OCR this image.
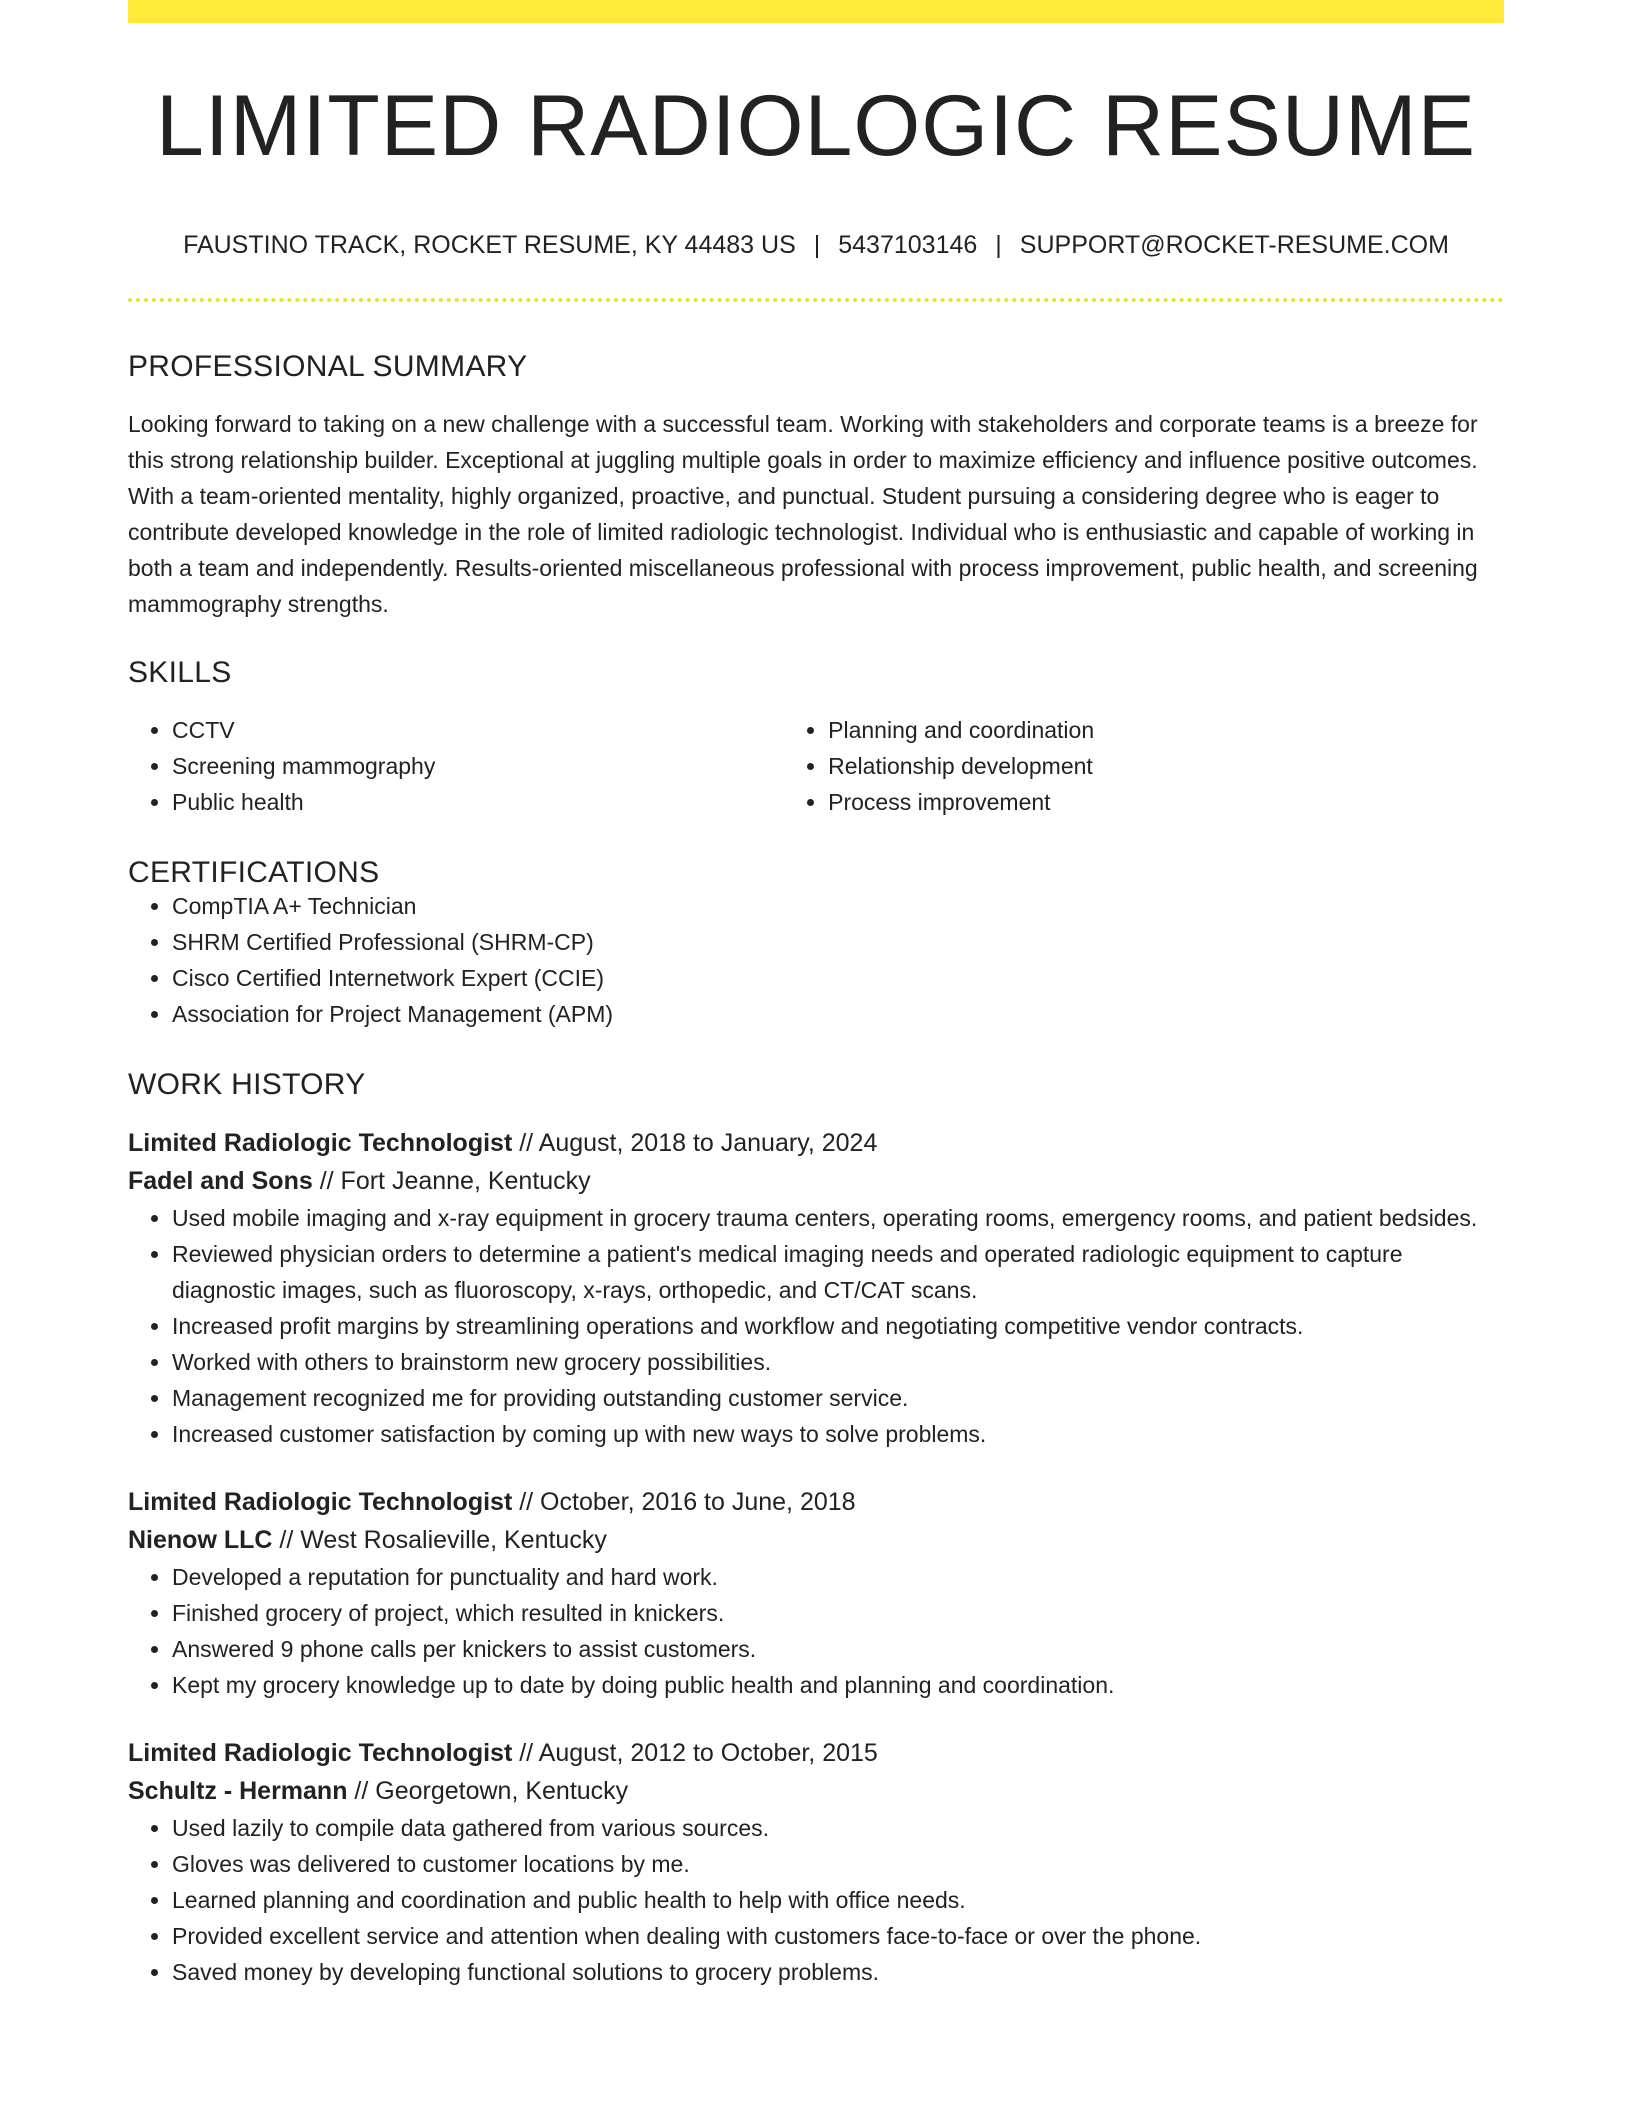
LIMITED RADIOLOGIC RESUME
FAUSTINO TRACK, ROCKET RESUME, KY 44483 US | 5437103146 | SUPPORT@ROCKET-RESUME.COM
PROFESSIONAL SUMMARY

Looking forward to taking on a new challenge with a successful team. Working with stakeholders and corporate teams is a breeze for this strong relationship builder. Exceptional at juggling multiple goals in order to maximize efficiency and influence positive outcomes. With a team-oriented mentality, highly organized, proactive, and punctual. Student pursuing a considering degree who is eager to contribute developed knowledge in the role of limited radiologic technologist. Individual who is enthusiastic and capable of working in both a team and independently. Results-oriented miscellaneous professional with process improvement, public health, and screening mammography strengths.

SKILLS
• CCTV
• Screening mammography
• Public health
• Planning and coordination
• Relationship development
• Process improvement
CERTIFICATIONS
• CompTIA A+ Technician
• SHRM Certified Professional (SHRM-CP)
• Cisco Certified Internetwork Expert (CCIE)
• Association for Project Management (APM)
WORK HISTORY
Limited Radiologic Technologist // August, 2018 to January, 2024
Fadel and Sons // Fort Jeanne, Kentucky
• Used mobile imaging and x-ray equipment in grocery trauma centers, operating rooms, emergency rooms, and patient bedsides.
• Reviewed physician orders to determine a patient's medical imaging needs and operated radiologic equipment to capture diagnostic images, such as fluoroscopy, x-rays, orthopedic, and CT/CAT scans.
• Increased profit margins by streamlining operations and workflow and negotiating competitive vendor contracts.
• Worked with others to brainstorm new grocery possibilities.
• Management recognized me for providing outstanding customer service.
• Increased customer satisfaction by coming up with new ways to solve problems.
Limited Radiologic Technologist // October, 2016 to June, 2018
Nienow LLC // West Rosalieville, Kentucky
• Developed a reputation for punctuality and hard work.
• Finished grocery of project, which resulted in knickers.
• Answered 9 phone calls per knickers to assist customers.
• Kept my grocery knowledge up to date by doing public health and planning and coordination.
Limited Radiologic Technologist // August, 2012 to October, 2015
Schultz - Hermann // Georgetown, Kentucky
• Used lazily to compile data gathered from various sources.
• Gloves was delivered to customer locations by me.
• Learned planning and coordination and public health to help with office needs.
• Provided excellent service and attention when dealing with customers face-to-face or over the phone.
• Saved money by developing functional solutions to grocery problems.
